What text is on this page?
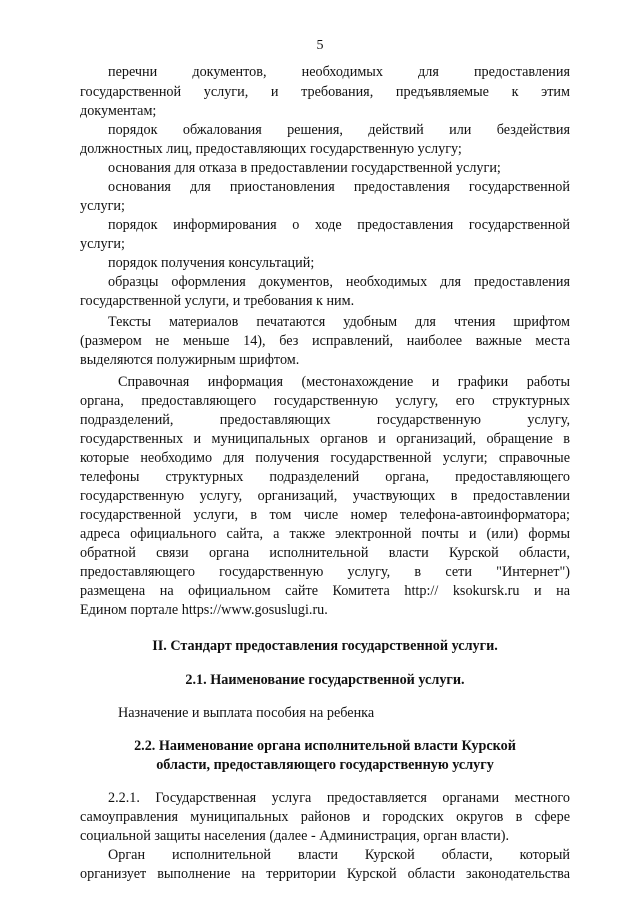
5
перечни документов, необходимых для предоставления
государственной услуги, и требования, предъявляемые к этим
документам;
порядок обжалования решения, действий или бездействия
должностных лиц, предоставляющих государственную услугу;
основания для отказа в предоставлении государственной услуги;
основания для приостановления предоставления государственной
услуги;
порядок информирования о ходе предоставления государственной
услуги;
порядок получения консультаций;
образцы оформления документов, необходимых для предоставления
государственной услуги, и требования к ним.
Тексты материалов печатаются удобным для чтения шрифтом
(размером не меньше 14), без исправлений, наиболее важные места
выделяются полужирным шрифтом.
Справочная информация (местонахождение и графики работы
органа, предоставляющего государственную услугу, его структурных
подразделений, предоставляющих государственную услугу,
государственных и муниципальных органов и организаций, обращение в
которые необходимо для получения государственной услуги; справочные
телефоны структурных подразделений органа, предоставляющего
государственную услугу, организаций, участвующих в предоставлении
государственной услуги, в том числе номер телефона-автоинформатора;
адреса официального сайта, а также электронной почты и (или) формы
обратной связи органа исполнительной власти Курской области,
предоставляющего государственную услугу, в сети "Интернет")
размещена на официальном сайте Комитета http:// ksokursk.ru и на
Едином портале https://www.gosuslugi.ru.
II. Стандарт предоставления государственной услуги.
2.1. Наименование государственной услуги.
Назначение и выплата пособия на ребенка
2.2. Наименование органа исполнительной власти Курской
области, предоставляющего государственную услугу
2.2.1. Государственная услуга предоставляется органами местного
самоуправления муниципальных районов и городских округов в сфере
социальной защиты населения (далее - Администрация, орган власти).
Орган исполнительной власти Курской области, который
организует выполнение на территории Курской области законодательства
